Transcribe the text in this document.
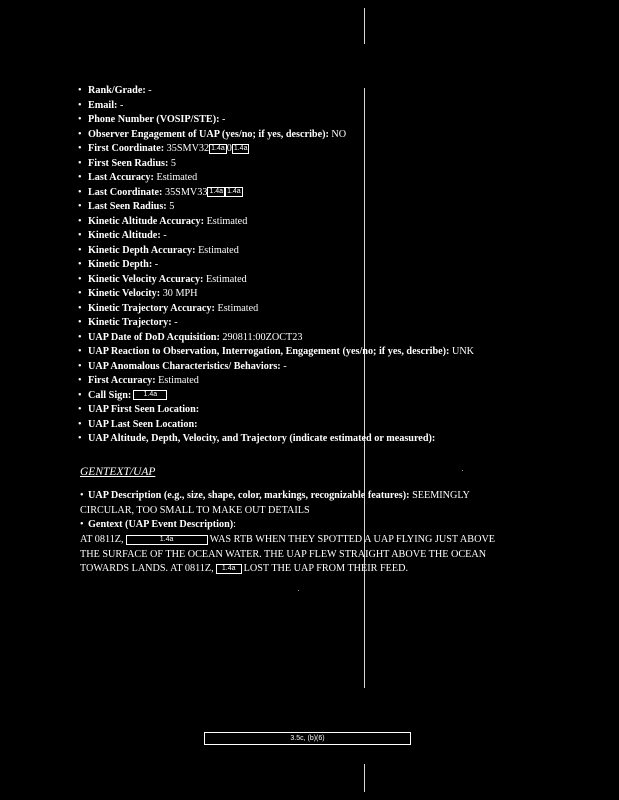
• Rank/Grade: -
• Email: -
• Phone Number (VOSIP/STE): -
• Observer Engagement of UAP (yes/no; if yes, describe): NO
• First Coordinate: 35SMV32 1.4a 0 1.4a
• First Seen Radius: 5
• Last Accuracy: Estimated
• Last Coordinate: 35SMV33 1.4a 1.4a
• Last Seen Radius: 5
• Kinetic Altitude Accuracy: Estimated
• Kinetic Altitude: -
• Kinetic Depth Accuracy: Estimated
• Kinetic Depth: -
• Kinetic Velocity Accuracy: Estimated
• Kinetic Velocity: 30 MPH
• Kinetic Trajectory Accuracy: Estimated
• Kinetic Trajectory: -
• UAP Date of DoD Acquisition: 290811:00ZOCT23
• UAP Reaction to Observation, Interrogation, Engagement (yes/no; if yes, describe): UNK
• UAP Anomalous Characteristics/ Behaviors: -
• First Accuracy: Estimated
• Call Sign: 1.4a
• UAP First Seen Location:
• UAP Last Seen Location:
• UAP Altitude, Depth, Velocity, and Trajectory (indicate estimated or measured):
GENTEXT/UAP
• UAP Description (e.g., size, shape, color, markings, recognizable features): SEEMINGLY
CIRCULAR, TOO SMALL TO MAKE OUT DETAILS
• Gentext (UAP Event Description):
AT 0811Z,	1.4a	WAS RTB WHEN THEY SPOTTED A UAP FLYING JUST ABOVE
THE SURFACE OF THE OCEAN WATER. THE UAP FLEW STRAIGHT ABOVE THE OCEAN
TOWARDS LANDS. AT 0811Z, 1.4a LOST THE UAP FROM THEIR FEED.
3.5c, (b)(6)
